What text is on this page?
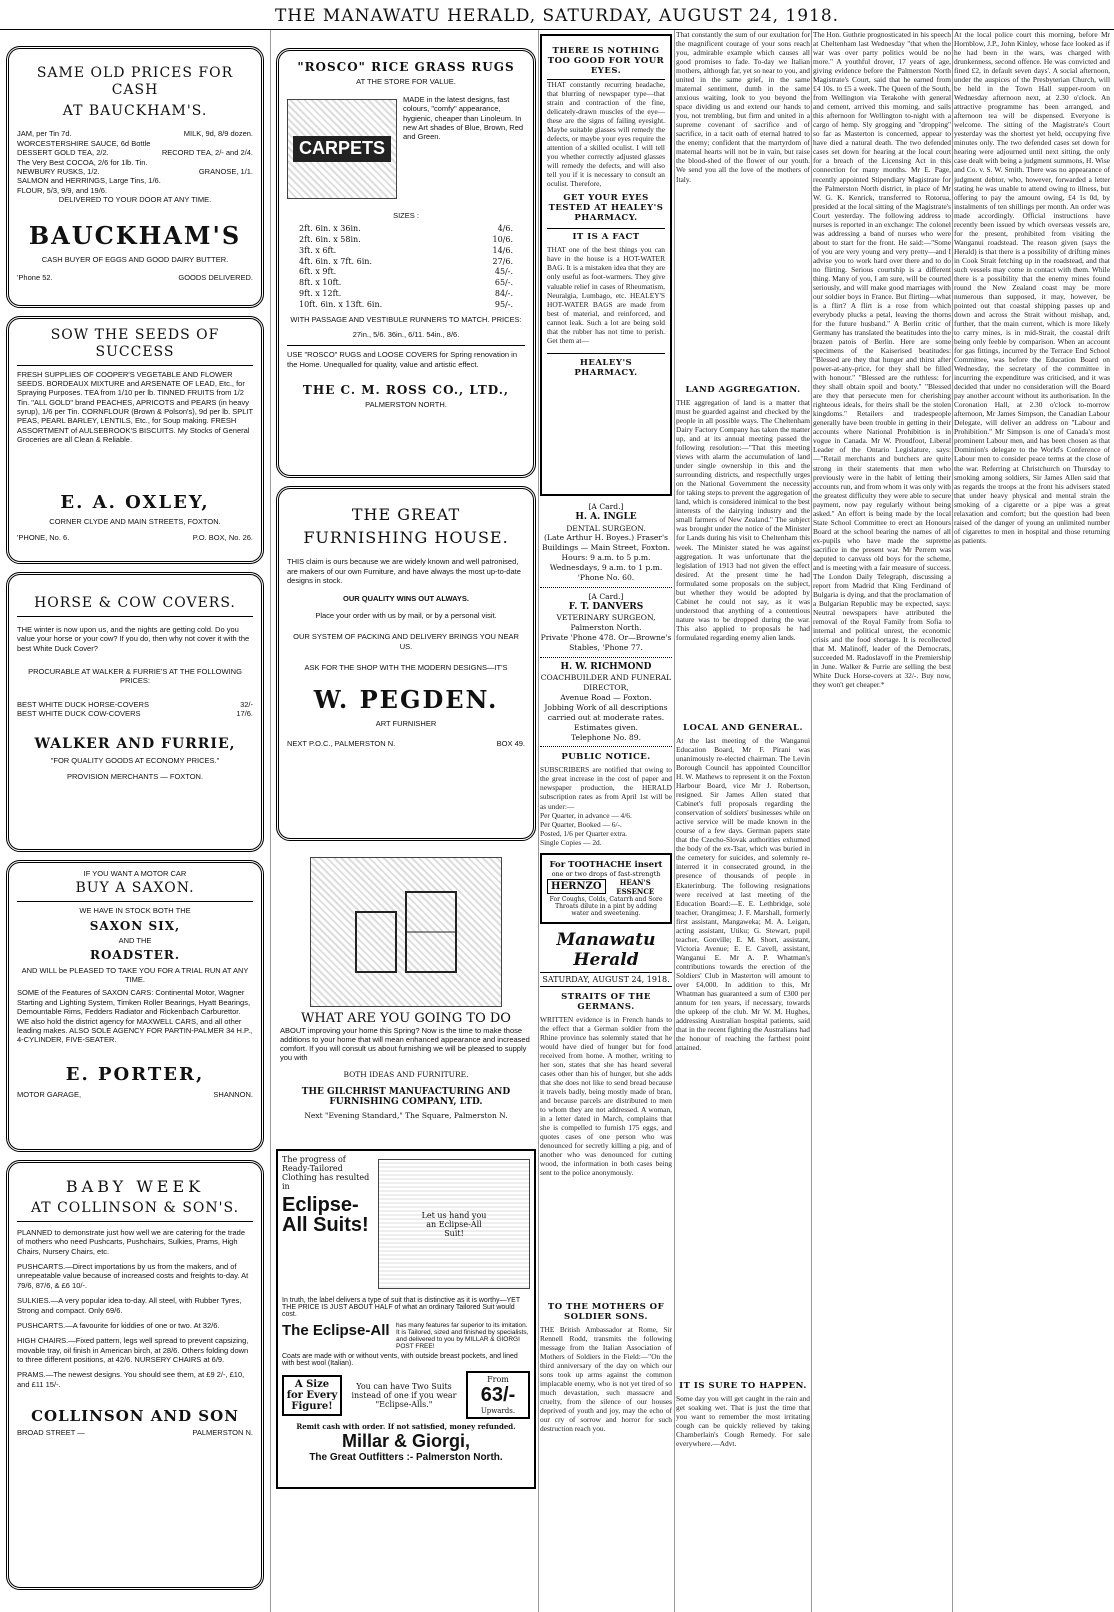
THE MANAWATU HERALD, SATURDAY, AUGUST 24, 1918.
SAME OLD PRICES FOR CASH
AT BAUCKHAM'S.
JAM, per Tin 7d.	MILK, 9d, 8/9 dozen.
WORCESTERSHIRE SAUCE, 6d Bottle
DESSERT GOLD TEA, 2/2.	RECORD TEA, 2/- and 2/4.
The Very Best COCOA, 2/6 for 1lb. Tin.
NEWBURY RUSKS, 1/2.	GRANOSE, 1/1.
SALMON and HERRINGS, Large Tins, 1/6.
FLOUR, 5/3, 9/9, and 19/6.
DELIVERED TO YOUR DOOR AT ANY TIME.
BAUCKHAM'S
CASH BUYER OF EGGS AND GOOD DAIRY BUTTER.
'Phone 52.	GOODS DELIVERED.
SOW THE SEEDS OF SUCCESS
FRESH SUPPLIES OF COOPER'S VEGETABLE AND FLOWER SEEDS. BORDEAUX MIXTURE and ARSENATE OF LEAD, Etc., for Spraying Purposes. TEA from 1/10 per lb. TINNED FRUITS from 1/2 Tin. "ALL GOLD" brand PEACHES, APRICOTS and PEARS (in heavy syrup), 1/6 per Tin. CORNFLOUR (Brown & Polson's), 9d per lb. SPLIT PEAS, PEARL BARLEY, LENTILS, Etc., for Soup making. FRESH ASSORTMENT of AULSEBROOK'S BISCUITS. My Stocks of General Groceries are all Clean & Reliable.
E. A. OXLEY,
CORNER CLYDE AND MAIN STREETS, FOXTON.
'PHONE, No. 6.	P.O. BOX, No. 26.
HORSE & COW COVERS.
THE winter is now upon us, and the nights are getting cold. Do you value your horse or your cow? If you do, then why not cover it with the best White Duck Cover?
PROCURABLE AT WALKER & FURRIE'S AT THE FOLLOWING PRICES:
BEST WHITE DUCK HORSE-COVERS	32/-
BEST WHITE DUCK COW-COVERS	17/6.
WALKER AND FURRIE,
"FOR QUALITY GOODS AT ECONOMY PRICES."
PROVISION MERCHANTS — FOXTON.
IF YOU WANT A MOTOR CAR
BUY A SAXON.
WE HAVE IN STOCK BOTH THE
SAXON SIX,
AND THE
ROADSTER.
AND WILL be PLEASED TO TAKE YOU FOR A TRIAL RUN AT ANY TIME.
SOME of the Features of SAXON CARS: Continental Motor, Wagner Starting and Lighting System, Timken Roller Bearings, Hyatt Bearings, Demountable Rims, Fedders Radiator and Rickenbach Carburettor. WE also hold the district agency for MAXWELL CARS, and all other leading makes. ALSO SOLE AGENCY FOR PARTIN-PALMER 34 H.P., 4-CYLINDER, FIVE-SEATER.
E. PORTER,
MOTOR GARAGE,	SHANNON.
BABY WEEK
AT COLLINSON & SON'S.
PLANNED to demonstrate just how well we are catering for the trade of mothers who need Pushcarts, Pushchairs, Sulkies, Prams, High Chairs, Nursery Chairs, etc.
PUSHCARTS.—Direct importations by us from the makers, and of unrepeatable value because of increased costs and freights to-day. At 79/6, 87/6, & £6 10/-.
SULKIES.—A very popular idea to-day. All steel, with Rubber Tyres, Strong and compact. Only 69/6.
PUSHCARTS.—A favourite for kiddies of one or two. At 32/6.
HIGH CHAIRS.—Fixed pattern, legs well spread to prevent capsizing, movable tray, oil finish in American birch, at 28/6. Others folding down to three different positions, at 42/6. NURSERY CHAIRS at 6/9.
PRAMS.—The newest designs. You should see them, at £9 2/-, £10, and £11 15/-.
COLLINSON AND SON
BROAD STREET —	PALMERSTON N.
"ROSCO" RICE GRASS RUGS
AT THE STORE FOR VALUE.
CARPETS
MADE in the latest designs, fast colours, "comfy" appearance, hygienic, cheaper than Linoleum. In new Art shades of Blue, Brown, Red and Green.
SIZES :
2ft. 6in. x 36in.	4/6.
2ft. 6in. x 58in.	10/6.
3ft. x 6ft.	14/6.
4ft. 6in. x 7ft. 6in.	27/6.
6ft. x 9ft.	45/-.
8ft. x 10ft.	65/-.
9ft. x 12ft.	84/-.
10ft. 6in. x 13ft. 6in.	95/-.
WITH PASSAGE AND VESTIBULE RUNNERS TO MATCH. PRICES:
27in., 5/6. 36in., 6/11. 54in., 8/6.
USE "ROSCO" RUGS and LOOSE COVERS for Spring renovation in the Home. Unequalled for quality, value and artistic effect.
THE C. M. ROSS CO., LTD.,
PALMERSTON NORTH.
THE GREAT
FURNISHING HOUSE.
THIS claim is ours because we are widely known and well patronised, are makers of our own Furniture, and have always the most up-to-date designs in stock.
OUR QUALITY WINS OUT ALWAYS.
Place your order with us by mail, or by a personal visit.
OUR SYSTEM OF PACKING AND DELIVERY BRINGS YOU NEAR US.
ASK FOR THE SHOP WITH THE MODERN DESIGNS—IT'S
W. PEGDEN.
ART FURNISHER
NEXT P.O.C., PALMERSTON N.	BOX 49.
WHAT ARE YOU GOING TO DO
ABOUT improving your home this Spring? Now is the time to make those additions to your home that will mean enhanced appearance and increased comfort. If you will consult us about furnishing we will be pleased to supply you with
BOTH IDEAS AND FURNITURE.
THE GILCHRIST MANUFACTURING AND FURNISHING COMPANY, LTD.
Next "Evening Standard," The Square, Palmerston N.
The progress of Ready-Tailored Clothing has resulted in
Eclipse-All Suits!	Let us hand you an Eclipse-All Suit!
In truth, the label delivers a type of suit that is distinctive as it is worthy—YET THE PRICE IS JUST ABOUT HALF of what an ordinary Tailored Suit would cost.
The Eclipse-All has many features far superior to its imitation. It is Tailored, sized and finished by specialists, and delivered to you by MILLAR & GIORGI POST FREE!
Coats are made with or without vents, with outside breast pockets, and lined with best wool (Italian).
A Size for Every Figure!
You can have Two Suits instead of one if you wear "Eclipse-Alls."
From
63/-
Upwards.
Remit cash with order. If not satisfied, money refunded.
Millar & Giorgi,
The Great Outfitters :- Palmerston North.
THERE IS NOTHING TOO GOOD FOR YOUR EYES.
THAT constantly recurring headache, that blurring of newspaper type—that strain and contraction of the fine, delicately-drawn muscles of the eye—these are the signs of failing eyesight. Maybe suitable glasses will remedy the defects, or maybe your eyes require the attention of a skilled oculist. I will tell you whether correctly adjusted glasses will remedy the defects, and will also tell you if it is necessary to consult an oculist. Therefore,
GET YOUR EYES TESTED AT HEALEY'S PHARMACY.
IT IS A FACT
THAT one of the best things you can have in the house is a HOT-WATER BAG. It is a mistaken idea that they are only useful as foot-warmers. They give valuable relief in cases of Rheumatism, Neuralgia, Lumbago, etc. HEALEY'S HOT-WATER BAGS are made from best of material, and reinforced, and cannot leak. Such a lot are being sold that the rubber has not time to perish. Get them at—
HEALEY'S PHARMACY.
[A Card.]
H. A. INGLE
DENTAL SURGEON.
(Late Arthur H. Boyes.) Fraser's Buildings — Main Street, Foxton.
Hours: 9 a.m. to 5 p.m. Wednesdays, 9 a.m. to 1 p.m. 'Phone No. 60.
[A Card.]
F. T. DANVERS
VETERINARY SURGEON,
Palmerston North.
Private 'Phone 478. Or—Browne's Stables, 'Phone 77.
H. W. RICHMOND
COACHBUILDER AND FUNERAL DIRECTOR,
Avenue Road — Foxton.
Jobbing Work of all descriptions carried out at moderate rates.
Estimates given.
Telephone No. 89.
PUBLIC NOTICE.
SUBSCRIBERS are notified that owing to the great increase in the cost of paper and newspaper production, the HERALD subscription rates as from April 1st will be as under:—
Per Quarter, in advance — 4/6.
Per Quarter, Booked — 6/-.
Posted, 1/6 per Quarter extra.
Single Copies — 2d.
For TOOTHACHE insert
one or two drops of fast-strength
HERNZO	HEAN'S ESSENCE
For Coughs, Colds, Catarrh and Sore Throats dilute in a pint by adding water and sweetening.
Manawatu Herald
SATURDAY, AUGUST 24, 1918.
STRAITS OF THE GERMANS.
WRITTEN evidence is in French hands to the effect that a German soldier from the Rhine province has solemnly stated that he would have died of hunger but for food received from home. A mother, writing to her son, states that she has heard several cases other than his of hunger, but she adds that she does not like to send bread because it travels badly, being mostly made of bran, and because parcels are distributed to men to whom they are not addressed. A woman, in a letter dated in March, complains that she is compelled to furnish 175 eggs, and quotes cases of one person who was denounced for secretly killing a pig, and of another who was denounced for cutting wood, the information in both cases being sent to the police anonymously.
TO THE MOTHERS OF SOLDIER SONS.
THE British Ambassador at Rome, Sir Rennell Rodd, transmits the following message from the Italian Association of Mothers of Soldiers in the Field:—"On the third anniversary of the day on which our sons took up arms against the common implacable enemy, who is not yet tired of so much devastation, such massacre and cruelty, from the silence of our houses deprived of youth and joy, may the echo of our cry of sorrow and horror for such destruction reach you.
That constantly the sum of our exultation for the magnificent courage of your sons reach you, admirable example which causes all good promises to fade. To-day we Italian mothers, although far, yet so near to you, and united in the same grief, in the same maternal sentiment, dumb in the same anxious waiting, look to you beyond the space dividing us and extend our hands to you, not trembling, but firm and united in a supreme covenant of sacrifice and of sacrifice, in a tacit oath of eternal hatred to the enemy; confident that the martyrdom of maternal hearts will not be in vain, but raise the blood-shed of the flower of our youth. We send you all the love of the mothers of Italy.
LAND AGGREGATION.
THE aggregation of land is a matter that must be guarded against and checked by the people in all possible ways. The Cheltenham Dairy Factory Company has taken the matter up, and at its annual meeting passed the following resolution:—"That this meeting views with alarm the accumulation of land under single ownership in this and the surrounding districts, and respectfully urges on the National Government the necessity for taking steps to prevent the aggregation of land, which is considered inimical to the best interests of the dairying industry and the small farmers of New Zealand." The subject was brought under the notice of the Minister for Lands during his visit to Cheltenham this week. The Minister stated he was against aggregation. It was unfortunate that the legislation of 1913 had not given the effect desired. At the present time he had formulated some proposals on the subject, but whether they would be adopted by Cabinet he could not say, as it was understood that anything of a contentious nature was to be dropped during the war. This also applied to proposals he had formulated regarding enemy alien lands.
LOCAL AND GENERAL.
At the last meeting of the Wanganui Education Board, Mr F. Pirani was unanimously re-elected chairman. The Levin Borough Council has appointed Councillor H. W. Mathews to represent it on the Foxton Harbour Board, vice Mr J. Robertson, resigned. Sir James Allen stated that Cabinet's full proposals regarding the conservation of soldiers' businesses while on active service will be made known in the course of a few days. German papers state that the Czecho-Slovak authorities exhumed the body of the ex-Tsar, which was buried in the cemetery for suicides, and solemnly re-interred it in consecrated ground, in the presence of thousands of people in Ekaterinburg. The following resignations were received at last meeting of the Education Board:—E. E. Lethbridge, sole teacher, Orangimea; J. F. Marshall, formerly first assistant, Mangaweka; M. A. Leigan, acting assistant, Utiku; G. Stewart, pupil teacher, Gonville; E. M. Short, assistant, Victoria Avenue; E. E. Cavell, assistant, Wanganui E. Mr A. P. Whatman's contributions towards the erection of the Soldiers' Club in Masterton will amount to over £4,000. In addition to this, Mr Whatman has guaranteed a sum of £300 per annum for ten years, if necessary, towards the upkeep of the club. Mr W. M. Hughes, addressing Australian hospital patients, said that in the recent fighting the Australians had the honour of reaching the farthest point attained.
IT IS SURE TO HAPPEN.
Some day you will get caught in the rain and get soaking wet. That is just the time that you want to remember the most irritating cough can be quickly relieved by taking Chamberlain's Cough Remedy. For sale everywhere.—Advt.
The Hon. Guthrie prognosticated in his speech at Cheltenham last Wednesday "that when the war was over party politics would be no more." A youthful drover, 17 years of age, giving evidence before the Palmerston North Magistrate's Court, said that he earned from £4 10s. to £5 a week. The Queen of the South, from Wellington via Terakohe with general and cement, arrived this morning, and sails this afternoon for Wellington to-night with a cargo of hemp. Sly grogging and "dropping" so far as Masterton is concerned, appear to have died a natural death. The two defended cases set down for hearing at the local court for a breach of the Licensing Act in this connection for many months. Mr E. Page, recently appointed Stipendiary Magistrate for the Palmerston North district, in place of Mr W. G. K. Kenrick, transferred to Rotorua, presided at the local sitting of the Magistrate's Court yesterday. The following address to nurses is reported in an exchange: The colonel was addressing a band of nurses who were about to start for the front. He said:—"Some of you are very young and very pretty—and I advise you to work hard over there and to do no flirting. Serious courtship is a different thing. Many of you, I am sure, will be courted seriously, and will make good marriages with our soldier boys in France. But flirting—what is a flirt? A flirt is a rose from which everybody plucks a petal, leaving the thorns for the future husband." A Berlin critic of Germany has translated the beatitudes into the brazen patois of Berlin. Here are some specimens of the Kaiserised beatitudes: "Blessed are they that hunger and thirst after power-at-any-price, for they shall be filled with honour." "Blessed are the ruthless: for they shall obtain spoil and booty." "Blessed are they that persecute men for cherishing righteous ideals, for theirs shall be the stolen kingdoms." Retailers and tradespeople generally have been trouble in getting in their accounts where National Prohibition is in vogue in Canada. Mr W. Proudfoot, Liberal Leader of the Ontario Legislature, says:—"Retail merchants and butchers are quite strong in their statements that men who previously were in the habit of letting their accounts run, and from whom it was only with the greatest difficulty they were able to secure payment, now pay regularly without being asked." An effort is being made by the local State School Committee to erect an Honours Board at the school bearing the names of all ex-pupils who have made the supreme sacrifice in the present war. Mr Perrem was deputed to canvass old boys for the scheme, and is meeting with a fair measure of success. The London Daily Telegraph, discussing a report from Madrid that King Ferdinand of Bulgaria is dying, and that the proclamation of a Bulgarian Republic may be expected, says: Neutral newspapers have attributed the removal of the Royal Family from Sofia to internal and political unrest, the economic crisis and the food shortage. It is recollected that M. Malinoff, leader of the Democrats, succeeded M. Radoslavoff in the Premiership in June. Walker & Furrie are selling the best White Duck Horse-covers at 32/-. Buy now, they won't get cheaper.*
At the local police court this morning, before Mr Hornblow, J.P., John Kinley, whose face looked as if he had been in the wars, was charged with drunkenness, second offence. He was convicted and fined £2, in default seven days'. A social afternoon, under the auspices of the Presbyterian Church, will be held in the Town Hall supper-room on Wednesday afternoon next, at 2.30 o'clock. An attractive programme has been arranged, and afternoon tea will be dispensed. Everyone is welcome. The sitting of the Magistrate's Court yesterday was the shortest yet held, occupying five minutes only. The two defended cases set down for hearing were adjourned until next sitting, the only case dealt with being a judgment summons, H. Wise and Co. v. S. W. Smith. There was no appearance of judgment debtor, who, however, forwarded a letter stating he was unable to attend owing to illness, but offering to pay the amount owing, £4 1s 0d, by instalments of ten shillings per month. An order was made accordingly. Official instructions have recently been issued by which overseas vessels are, for the present, prohibited from visiting the Wanganui roadstead. The reason given (says the Herald) is that there is a possibility of drifting mines in Cook Strait fetching up in the roadstead, and that such vessels may come in contact with them. While there is a possibility that the enemy mines found round the New Zealand coast may be more numerous than supposed, it may, however, be pointed out that coastal shipping passes up and down and across the Strait without mishap, and, further, that the main current, which is more likely to carry mines, is in mid-Strait, the coastal drift being only feeble by comparison. When an account for gas fittings, incurred by the Terrace End School Committee, was before the Education Board on Wednesday, the secretary of the committee in incurring the expenditure was criticised, and it was decided that under no consideration will the Board pay another account without its authorisation. In the Coronation Hall, at 2.30 o'clock to-morrow afternoon, Mr James Simpson, the Canadian Labour Delegate, will deliver an address on "Labour and Prohibition." Mr Simpson is one of Canada's most prominent Labour men, and has been chosen as that Dominion's delegate to the World's Conference of Labour men to consider peace terms at the close of the war. Referring at Christchurch on Thursday to smoking among soldiers, Sir James Allen said that as regards the troops at the front his advisers stated that under heavy physical and mental strain the smoking of a cigarette or a pipe was a great relaxation and comfort; but the question had been raised of the danger of young an unlimited number of cigarettes to men in hospital and those returning as patients.
